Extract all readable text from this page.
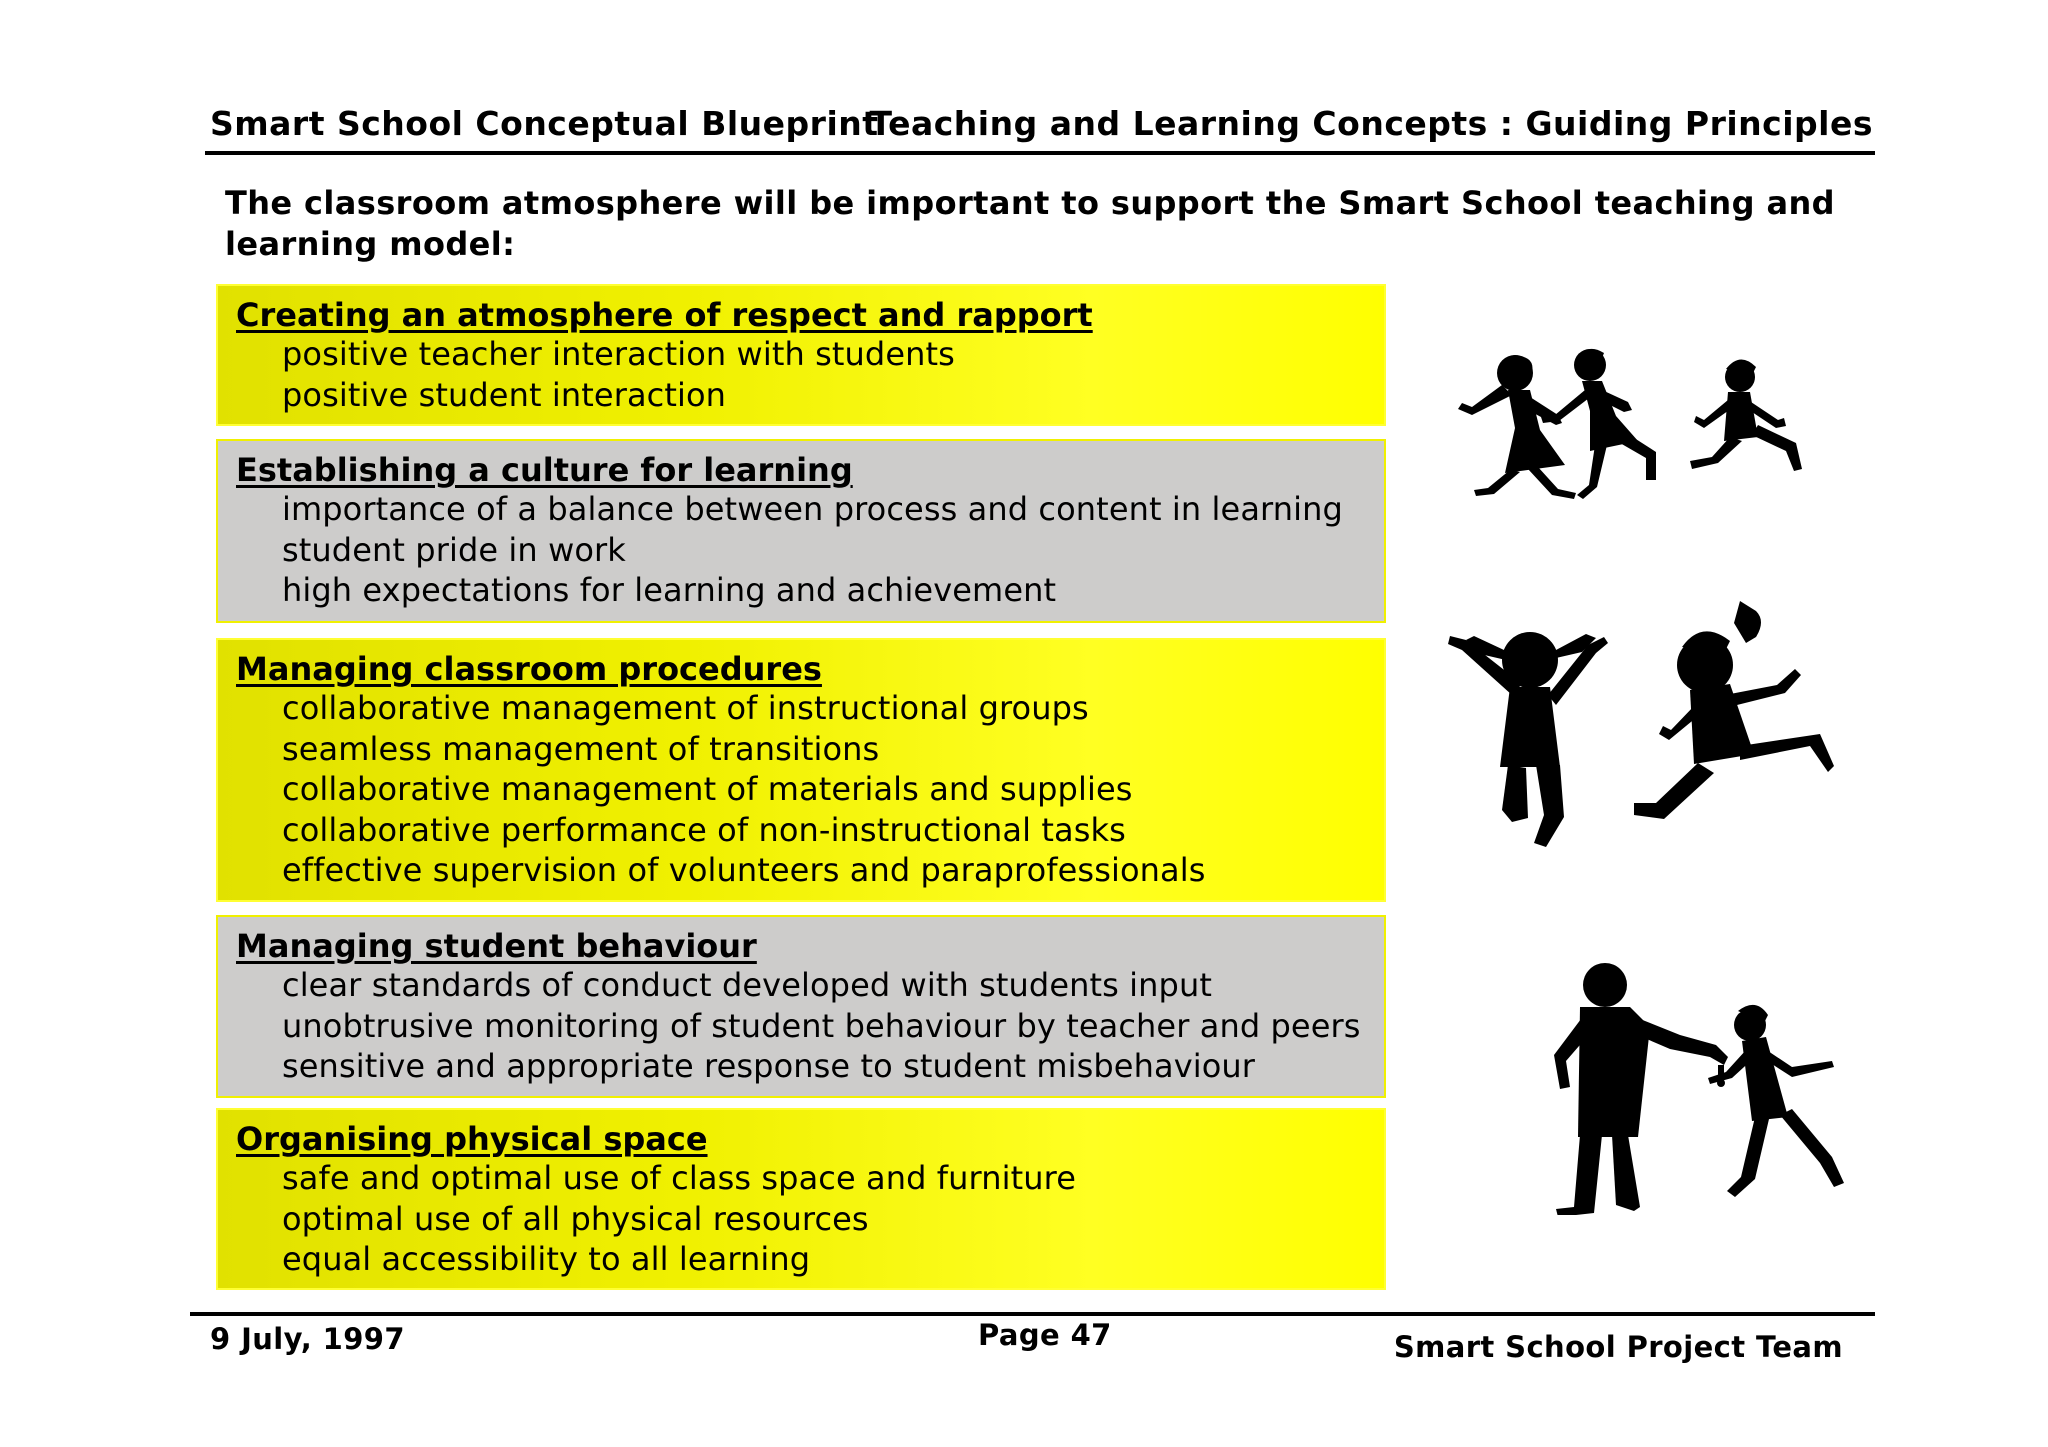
Smart School Conceptual Blueprint
Teaching and Learning Concepts : Guiding Principles
The classroom atmosphere will be important to support the Smart School teaching and learning model:
Creating an atmosphere of respect and rapport
positive teacher interaction with students
positive student interaction
Establishing a culture for learning
importance of a balance between process and content in learning
student pride in work
high expectations for learning and achievement
Managing classroom procedures
collaborative management of instructional groups
seamless management of transitions
collaborative management of materials and supplies
collaborative performance of non-instructional tasks
effective supervision of volunteers and paraprofessionals
Managing student behaviour
clear standards of conduct developed with students input
unobtrusive monitoring of student behaviour by teacher and peers
sensitive and appropriate response to student misbehaviour
Organising physical space
safe and optimal use of class space and furniture
optimal use of all physical resources
equal accessibility to all learning
9 July, 1997	Page 47	Smart School Project Team
